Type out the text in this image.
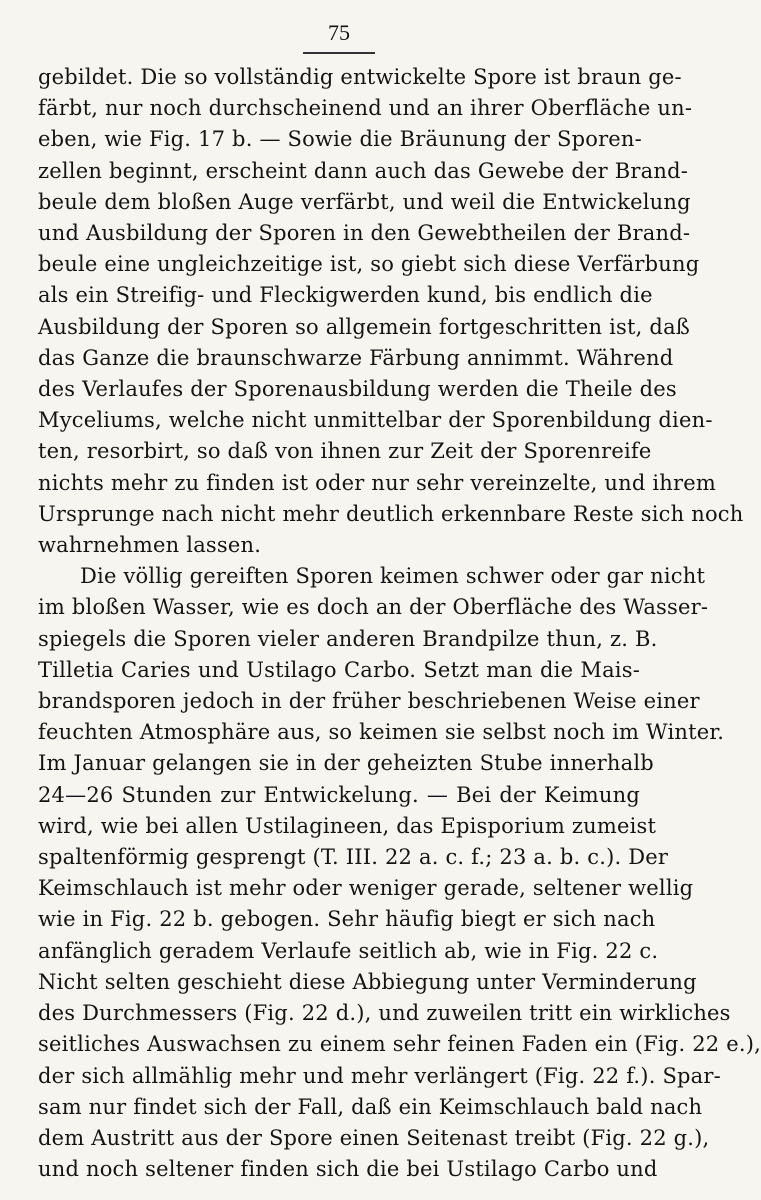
75
gebildet. Die so vollständig entwickelte Spore ist braun ge-
färbt, nur noch durchscheinend und an ihrer Oberfläche un-
eben, wie Fig. 17 b. — Sowie die Bräunung der Sporen-
zellen beginnt, erscheint dann auch das Gewebe der Brand-
beule dem bloßen Auge verfärbt, und weil die Entwickelung
und Ausbildung der Sporen in den Gewebtheilen der Brand-
beule eine ungleichzeitige ist, so giebt sich diese Verfärbung
als ein Streifig- und Fleckigwerden kund, bis endlich die
Ausbildung der Sporen so allgemein fortgeschritten ist, daß
das Ganze die braunschwarze Färbung annimmt. Während
des Verlaufes der Sporenausbildung werden die Theile des
Myceliums, welche nicht unmittelbar der Sporenbildung dien-
ten, resorbirt, so daß von ihnen zur Zeit der Sporenreife
nichts mehr zu finden ist oder nur sehr vereinzelte, und ihrem
Ursprunge nach nicht mehr deutlich erkennbare Reste sich noch
wahrnehmen lassen.
Die völlig gereiften Sporen keimen schwer oder gar nicht
im bloßen Wasser, wie es doch an der Oberfläche des Wasser-
spiegels die Sporen vieler anderen Brandpilze thun, z. B.
Tilletia Caries und Ustilago Carbo. Setzt man die Mais-
brandsporen jedoch in der früher beschriebenen Weise einer
feuchten Atmosphäre aus, so keimen sie selbst noch im Winter.
Im Januar gelangen sie in der geheizten Stube innerhalb
24—26 Stunden zur Entwickelung. — Bei der Keimung
wird, wie bei allen Ustilagineen, das Episporium zumeist
spaltenförmig gesprengt (T. III. 22 a. c. f.; 23 a. b. c.). Der
Keimschlauch ist mehr oder weniger gerade, seltener wellig
wie in Fig. 22 b. gebogen. Sehr häufig biegt er sich nach
anfänglich geradem Verlaufe seitlich ab, wie in Fig. 22 c.
Nicht selten geschieht diese Abbiegung unter Verminderung
des Durchmessers (Fig. 22 d.), und zuweilen tritt ein wirkliches
seitliches Auswachsen zu einem sehr feinen Faden ein (Fig. 22 e.),
der sich allmählig mehr und mehr verlängert (Fig. 22 f.). Spar-
sam nur findet sich der Fall, daß ein Keimschlauch bald nach
dem Austritt aus der Spore einen Seitenast treibt (Fig. 22 g.),
und noch seltener finden sich die bei Ustilago Carbo und
